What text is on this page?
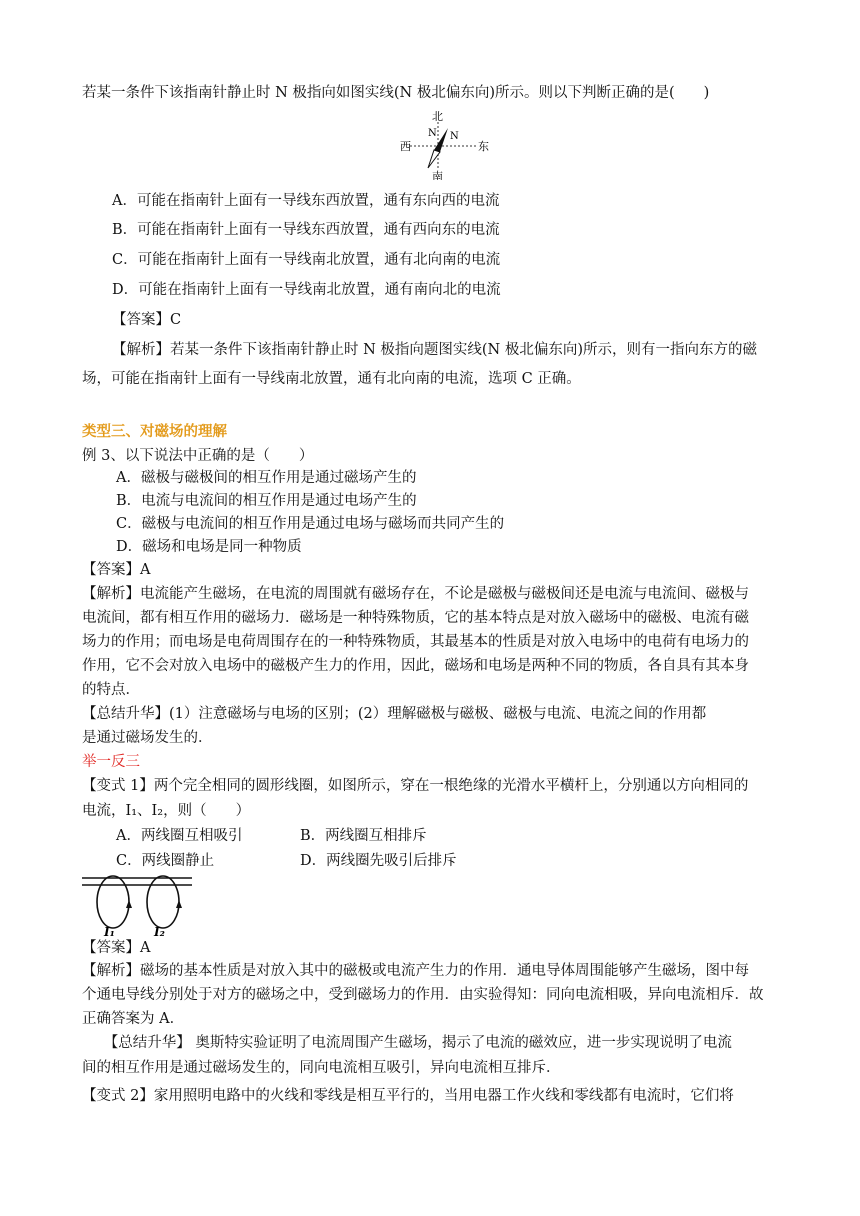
若某一条件下该指南针静止时 N 极指向如图实线(N 极北偏东向)所示。则以下判断正确的是(　　)
北
南
西	东
N N
A．可能在指南针上面有一导线东西放置，通有东向西的电流
B．可能在指南针上面有一导线东西放置，通有西向东的电流
C．可能在指南针上面有一导线南北放置，通有北向南的电流
D．可能在指南针上面有一导线南北放置，通有南向北的电流
【答案】C
【解析】若某一条件下该指南针静止时 N 极指向题图实线(N 极北偏东向)所示，则有一指向东方的磁
场，可能在指南针上面有一导线南北放置，通有北向南的电流，选项 C 正确。
类型三、对磁场的理解
例 3、以下说法中正确的是（　　）
A．磁极与磁极间的相互作用是通过磁场产生的
B．电流与电流间的相互作用是通过电场产生的
C．磁极与电流间的相互作用是通过电场与磁场而共同产生的
D．磁场和电场是同一种物质
【答案】A
【解析】电流能产生磁场，在电流的周围就有磁场存在，不论是磁极与磁极间还是电流与电流间、磁极与
电流间，都有相互作用的磁场力．磁场是一种特殊物质，它的基本特点是对放入磁场中的磁极、电流有磁
场力的作用；而电场是电荷周围存在的一种特殊物质，其最基本的性质是对放入电场中的电荷有电场力的
作用，它不会对放入电场中的磁极产生力的作用，因此，磁场和电场是两种不同的物质，各自具有其本身
的特点．
【总结升华】(1）注意磁场与电场的区别；(2）理解磁极与磁极、磁极与电流、电流之间的作用都
是通过磁场发生的．
举一反三
【变式 1】两个完全相同的圆形线圈，如图所示，穿在一根绝缘的光滑水平横杆上，分别通以方向相同的
电流，I₁、I₂，则（　　）
A．两线圈互相吸引	B．两线圈互相排斥
C．两线圈静止	D．两线圈先吸引后排斥
I₁	I₂
【答案】A
【解析】磁场的基本性质是对放入其中的磁极或电流产生力的作用．通电导体周围能够产生磁场，图中每
个通电导线分别处于对方的磁场之中，受到磁场力的作用．由实验得知：同向电流相吸，异向电流相斥．故
正确答案为 A．
　　【总结升华】 奥斯特实验证明了电流周围产生磁场，揭示了电流的磁效应，进一步实现说明了电流
间的相互作用是通过磁场发生的，同向电流相互吸引，异向电流相互排斥．
【变式 2】家用照明电路中的火线和零线是相互平行的，当用电器工作火线和零线都有电流时，它们将
